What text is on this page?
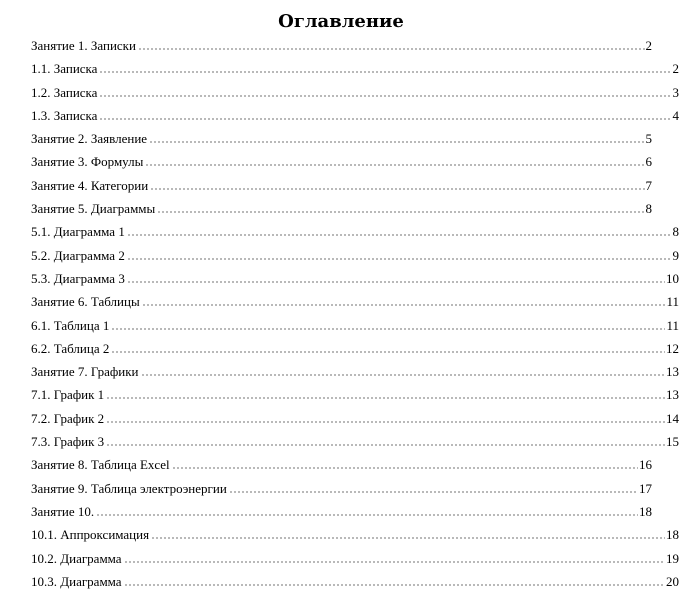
Оглавление
Занятие 1. Записки	2
1.1. Записка	2
1.2. Записка	3
1.3. Записка	4
Занятие 2. Заявление	5
Занятие 3. Формулы	6
Занятие 4. Категории	7
Занятие 5. Диаграммы	8
5.1. Диаграмма 1	8
5.2. Диаграмма 2	9
5.3. Диаграмма 3	10
Занятие 6. Таблицы	11
6.1. Таблица 1	11
6.2. Таблица 2	12
Занятие 7. Графики	13
7.1. График 1	13
7.2. График 2	14
7.3. График 3	15
Занятие 8. Таблица Excel	16
Занятие 9. Таблица электроэнергии	17
Занятие 10.	18
10.1. Аппроксимация	18
10.2. Диаграмма	19
10.3. Диаграмма	20
